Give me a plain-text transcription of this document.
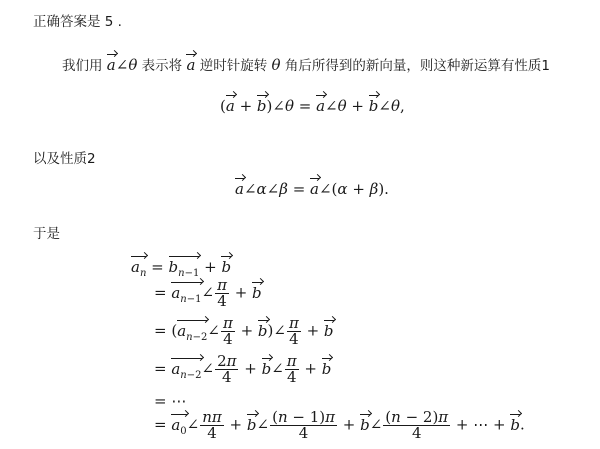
正确答案是 5 .
我们用 a∠θ 表示将 a 逆时针旋转 θ 角后所得到的新向量，则这种新运算有性质1
(a + b)∠θ = a∠θ + b∠θ,
以及性质2
a∠α∠β = a∠(α + β).
于是
$a_n = b_{n-1} + b$
= $a_{n-1}\angle \frac{\pi}{4} + b$
= ($a_{n-2}\angle \frac{\pi}{4}$ + b)∠ $\frac{\pi}{4} + b$
= $a_{n-2}\angle \frac{2\pi}{4}$ + b∠ $\frac{\pi}{4} + b$
= ⋯
= $a_0\angle \frac{n\pi}{4}$ + b∠ $\frac{(n - 1)\pi}{4}$ + b∠ $\frac{(n - 2)\pi}{4}$ + ⋯ + b.
